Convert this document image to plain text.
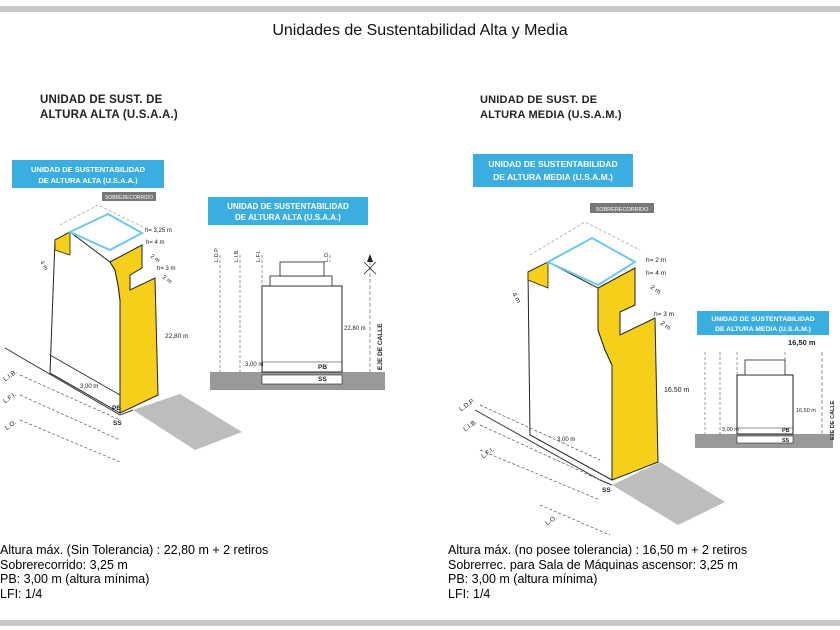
Unidades de Sustentabilidad Alta y Media
UNIDAD DE SUST. DE
ALTURA ALTA (U.S.A.A.)
UNIDAD DE SUST. DE
ALTURA MEDIA (U.S.A.M.)
UNIDAD DE SUSTENTABILIDAD
DE ALTURA ALTA (U.S.A.A.)
SOBRERECORRIDO
L.I.B.
L.F.I.
L.O.
h= 3,25 m
h= 4 m
2 m
h= 3 m
2 m
4 m
22,80 m
3,00 m
PB
SS
UNIDAD DE SUSTENTABILIDAD
DE ALTURA ALTA (U.S.A.A.)
L.D.P.	L.I.B.	L.F.I.	L.O.
22,80 m
3,00 m	PB
SS
EJE DE CALLE
UNIDAD DE SUSTENTABILIDAD
DE ALTURA MEDIA (U.S.A.M.)
SOBRERECORRIDO
L.D.P.
L.I.B.
L.F.I.
L.O.
h= 2 m
h= 4 m
2 m
h= 3 m
2 m
4 m
16.50 m
3,00 m
SS
UNIDAD DE SUSTENTABILIDAD
DE ALTURA MEDIA (U.S.A.M.)
16,50 m
16,50 m
3,00 m	PB
SS
EJE DE CALLE
Altura máx. (Sin Tolerancia) : 22,80 m + 2 retiros
Sobrerecorrido: 3,25 m
PB: 3,00 m (altura mínima)
LFI: 1/4
Altura máx. (no posee tolerancia) : 16,50 m + 2 retiros
Sobrerrec. para Sala de Máquinas ascensor: 3,25 m
PB: 3,00 m (altura mínima)
LFI: 1/4
